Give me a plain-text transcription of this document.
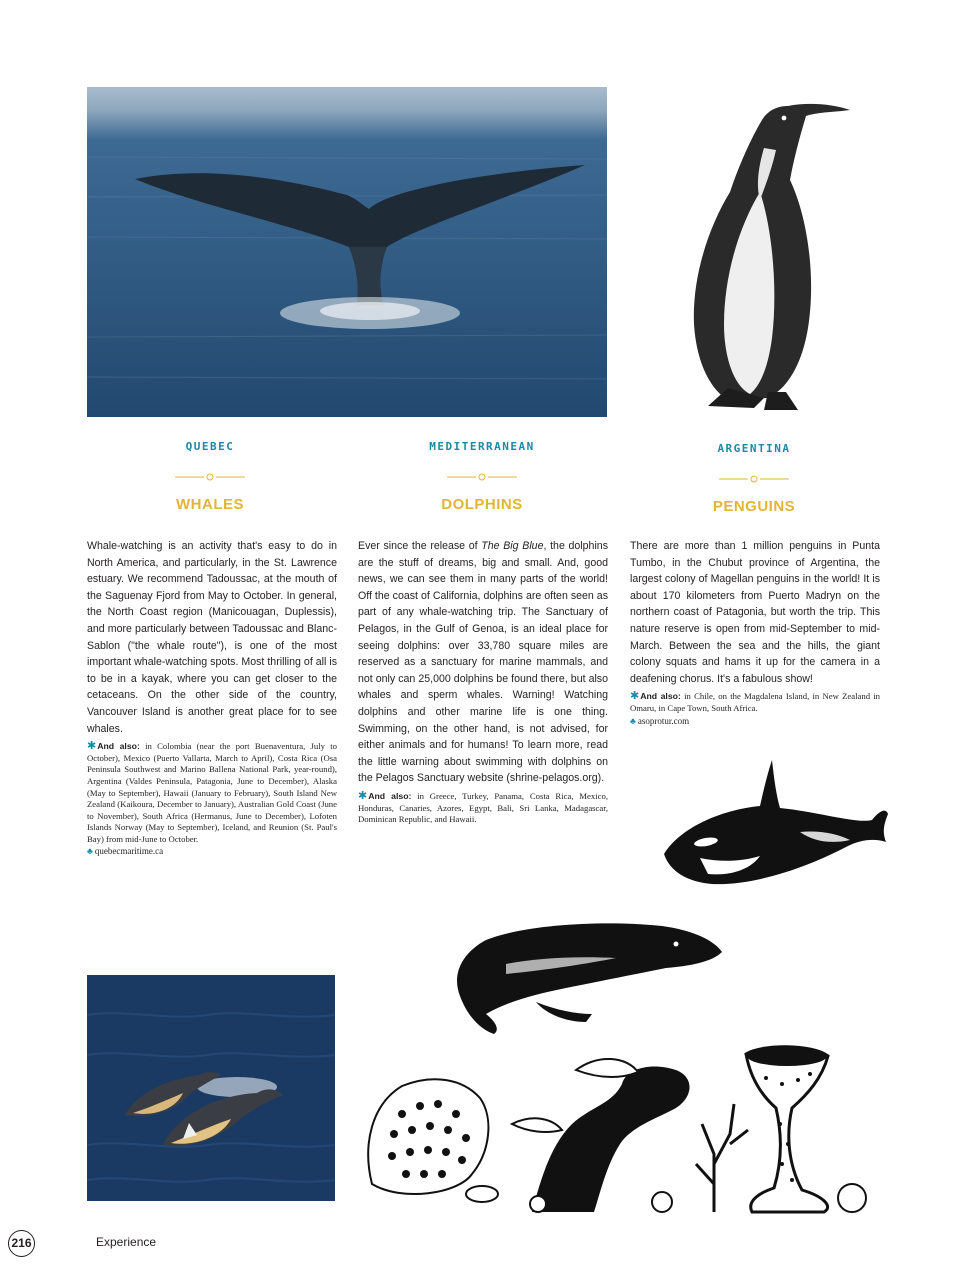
QUEBEC
WHALES
MEDITERRANEAN
DOLPHINS
ARGENTINA
PENGUINS

Whale-watching is an activity that's easy to do in North America, and particularly, in the St. Lawrence estuary. We recommend Tadoussac, at the mouth of the Saguenay Fjord from May to October. In general, the North Coast region (Manicouagan, Duplessis), and more particularly between Tadoussac and Blanc-Sablon ("the whale route"), is one of the most important whale-watching spots. Most thrilling of all is to be in a kayak, where you can get closer to the cetaceans. On the other side of the country, Vancouver Island is another great place for to see whales.

✱And also: in Colombia (near the port Buenaventura, July to October), Mexico (Puerto Vallarta, March to April), Costa Rica (Osa Peninsula Southwest and Marino Ballena National Park, year-round), Argentina (Valdes Peninsula, Patagonia, June to December), Alaska (May to September), Hawaii (January to February), South Island New Zealand (Kaikoura, December to January), Australian Gold Coast (June to November), South Africa (Hermanus, June to December), Lofoten Islands Norway (May to September), Iceland, and Reunion (St. Paul's Bay) from mid-June to October.
♣ quebecmaritime.ca

Ever since the release of The Big Blue, the dolphins are the stuff of dreams, big and small. And, good news, we can see them in many parts of the world! Off the coast of California, dolphins are often seen as part of any whale-watching trip. The Sanctuary of Pelagos, in the Gulf of Genoa, is an ideal place for seeing dolphins: over 33,780 square miles are reserved as a sanctuary for marine mammals, and not only can 25,000 dolphins be found there, but also whales and sperm whales. Warning! Watching dolphins and other marine life is one thing. Swimming, on the other hand, is not advised, for either animals and for humans! To learn more, read the little warning about swimming with dolphins on the Pelagos Sanctuary website (shrine-pelagos.org).

✱And also: in Greece, Turkey, Panama, Costa Rica, Mexico, Honduras, Canaries, Azores, Egypt, Bali, Sri Lanka, Madagascar, Dominican Republic, and Hawaii.

There are more than 1 million penguins in Punta Tumbo, in the Chubut province of Argentina, the largest colony of Magellan penguins in the world! It is about 170 kilometers from Puerto Madryn on the northern coast of Patagonia, but worth the trip. This nature reserve is open from mid-September to mid-March. Between the sea and the hills, the giant colony squats and hams it up for the camera in a deafening chorus. It's a fabulous show!

✱And also: in Chile, on the Magdalena Island, in New Zealand in Omaru, in Cape Town, South Africa.
♣ asoprotur.com
216	Experience
